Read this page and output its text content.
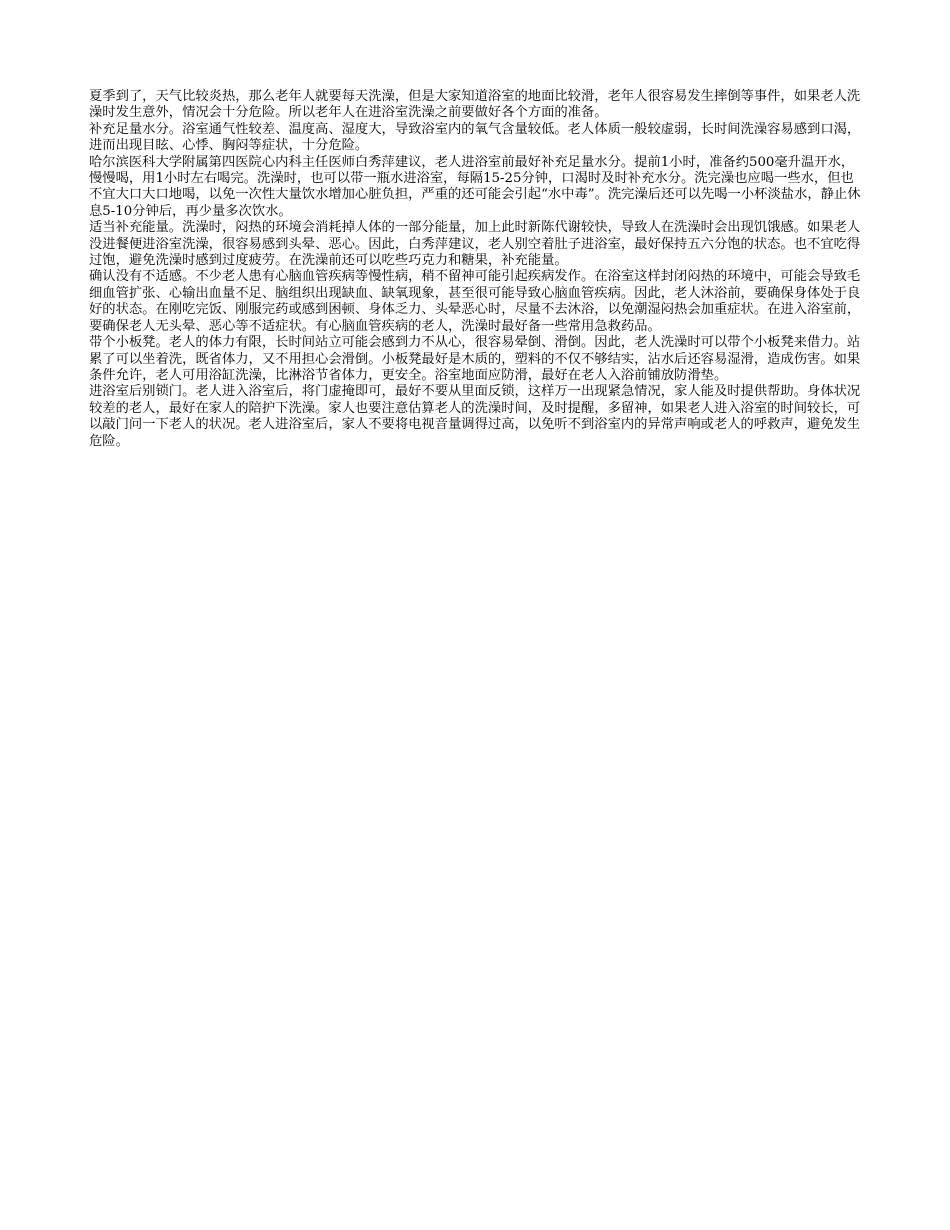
夏季到了，天气比较炎热，那么老年人就要每天洗澡，但是大家知道浴室的地面比较滑，老年人很容易发生摔倒等事件，如果老人洗澡时发生意外，情况会十分危险。所以老年人在进浴室洗澡之前要做好各个方面的准备。

补充足量水分。浴室通气性较差、温度高、湿度大，导致浴室内的氧气含量较低。老人体质一般较虚弱，长时间洗澡容易感到口渴，进而出现目眩、心悸、胸闷等症状，十分危险。

哈尔滨医科大学附属第四医院心内科主任医师白秀萍建议，老人进浴室前最好补充足量水分。提前1小时，准备约500毫升温开水，慢慢喝，用1小时左右喝完。洗澡时，也可以带一瓶水进浴室，每隔15-25分钟，口渴时及时补充水分。洗完澡也应喝一些水，但也不宜大口大口地喝，以免一次性大量饮水增加心脏负担，严重的还可能会引起“水中毒”。洗完澡后还可以先喝一小杯淡盐水，静止休息5-10分钟后，再少量多次饮水。

适当补充能量。洗澡时，闷热的环境会消耗掉人体的一部分能量，加上此时新陈代谢较快，导致人在洗澡时会出现饥饿感。如果老人没进餐便进浴室洗澡，很容易感到头晕、恶心。因此，白秀萍建议，老人别空着肚子进浴室，最好保持五六分饱的状态。也不宜吃得过饱，避免洗澡时感到过度疲劳。在洗澡前还可以吃些巧克力和糖果，补充能量。

确认没有不适感。不少老人患有心脑血管疾病等慢性病，稍不留神可能引起疾病发作。在浴室这样封闭闷热的环境中，可能会导致毛细血管扩张、心输出血量不足、脑组织出现缺血、缺氧现象，甚至很可能导致心脑血管疾病。因此，老人沐浴前，要确保身体处于良好的状态。在刚吃完饭、刚服完药或感到困顿、身体乏力、头晕恶心时，尽量不去沐浴，以免潮湿闷热会加重症状。在进入浴室前，要确保老人无头晕、恶心等不适症状。有心脑血管疾病的老人，洗澡时最好备一些常用急救药品。

带个小板凳。老人的体力有限，长时间站立可能会感到力不从心，很容易晕倒、滑倒。因此，老人洗澡时可以带个小板凳来借力。站累了可以坐着洗，既省体力，又不用担心会滑倒。小板凳最好是木质的，塑料的不仅不够结实，沾水后还容易湿滑，造成伤害。如果条件允许，老人可用浴缸洗澡，比淋浴节省体力，更安全。浴室地面应防滑，最好在老人入浴前铺放防滑垫。

进浴室后别锁门。老人进入浴室后，将门虚掩即可，最好不要从里面反锁，这样万一出现紧急情况，家人能及时提供帮助。身体状况较差的老人，最好在家人的陪护下洗澡。家人也要注意估算老人的洗澡时间，及时提醒，多留神，如果老人进入浴室的时间较长，可以敲门问一下老人的状况。老人进浴室后，家人不要将电视音量调得过高，以免听不到浴室内的异常声响或老人的呼救声，避免发生危险。
